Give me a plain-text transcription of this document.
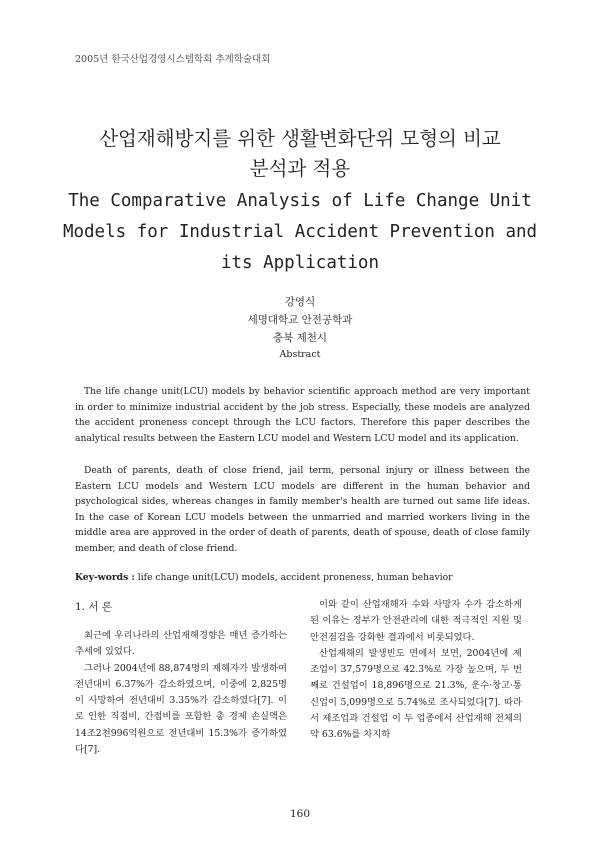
2005년 한국산업경영시스템학회 추계학술대회
산업재해방지를 위한 생활변화단위 모형의 비교
분석과 적용
The Comparative Analysis of Life Change Unit
Models for Industrial Accident Prevention and
its Application
강영식
세명대학교 안전공학과
충북 제천시
Abstract

The life change unit(LCU) models by behavior scientific approach method are very important in order to minimize industrial accident by the job stress. Especially, these models are analyzed the accident proneness concept through the LCU factors. Therefore this paper describes the analytical results between the Eastern LCU model and Western LCU model and its application.

Death of parents, death of close friend, jail term, personal injury or illness between the Eastern LCU models and Western LCU models are different in the human behavior and psychological sides, whereas changes in family member's health are turned out same life ideas. In the case of Korean LCU models between the unmarried and married workers living in the middle area are approved in the order of death of parents, death of spouse, death of close family member, and death of close friend.

Key-words : life change unit(LCU) models, accident proneness, human behavior
1. 서 론

최근에 우리나라의 산업재해경향은 매년 증가하는 추세에 있었다.

그러나 2004년에 88,874명의 재해자가 발생하여 전년대비 6.37%가 감소하였으며, 이중에 2,825명이 사망하여 전년대비 3.35%가 감소하였다[7]. 이로 인한 직접비, 간접비를 포함한 총 경제 손실액은 14조2천996억원으로 전년대비 15.3%가 증가하였다[7].

이와 같이 산업재해자 수와 사망자 수가 감소하게 된 이유는 정부가 안전관리에 대한 적극적인 지원 및 안전점검을 강화한 결과에서 비롯되었다.

산업재해의 발생빈도 면에서 보면, 2004년에 제조업이 37,579명으로 42.3%로 가장 높으며, 두 번째로 건설업이 18,896명으로 21.3%, 운수·창고·통신업이 5,099명으로 5.74%로 조사되었다[7]. 따라서 제조업과 건설업 이 두 업종에서 산업재해 전체의 약 63.6%를 차지하

160
